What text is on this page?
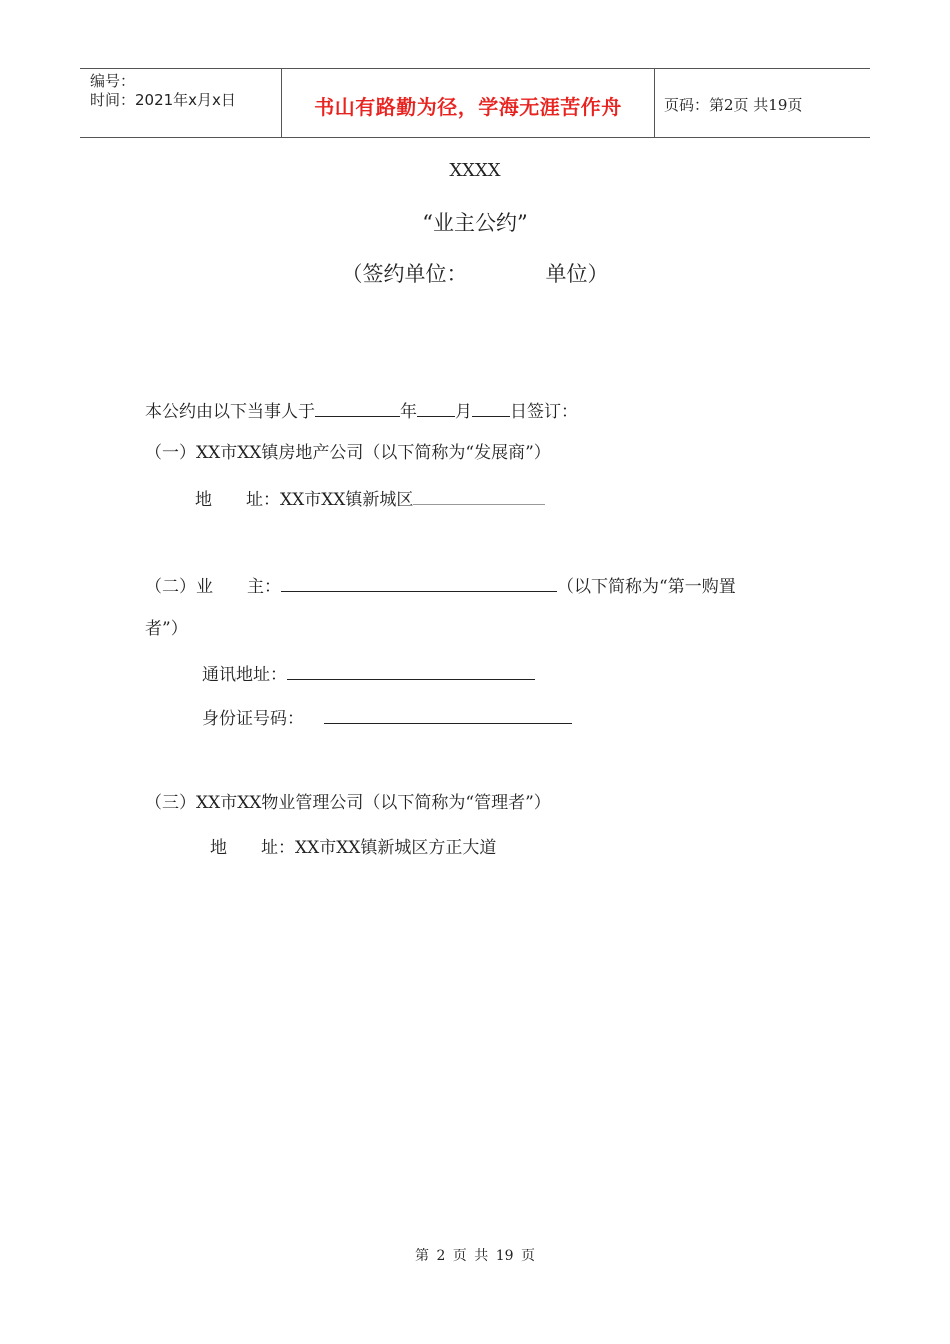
编号：
时间：2021年x月x日	书山有路勤为径，学海无涯苦作舟	页码：第2页 共19页
XXXX
“业主公约”
（签约单位：	单位）
本公约由以下当事人于	年 月 日签订：
（一）XX市XX镇房地产公司（以下简称为“发展商”）
地　　址：XX市XX镇新城区
（二）业　　主：	（以下简称为“第一购置
者”）
通讯地址：
身份证号码：
（三）XX市XX物业管理公司（以下简称为“管理者”）
地　　址：XX市XX镇新城区方正大道
第 2 页 共 19 页
